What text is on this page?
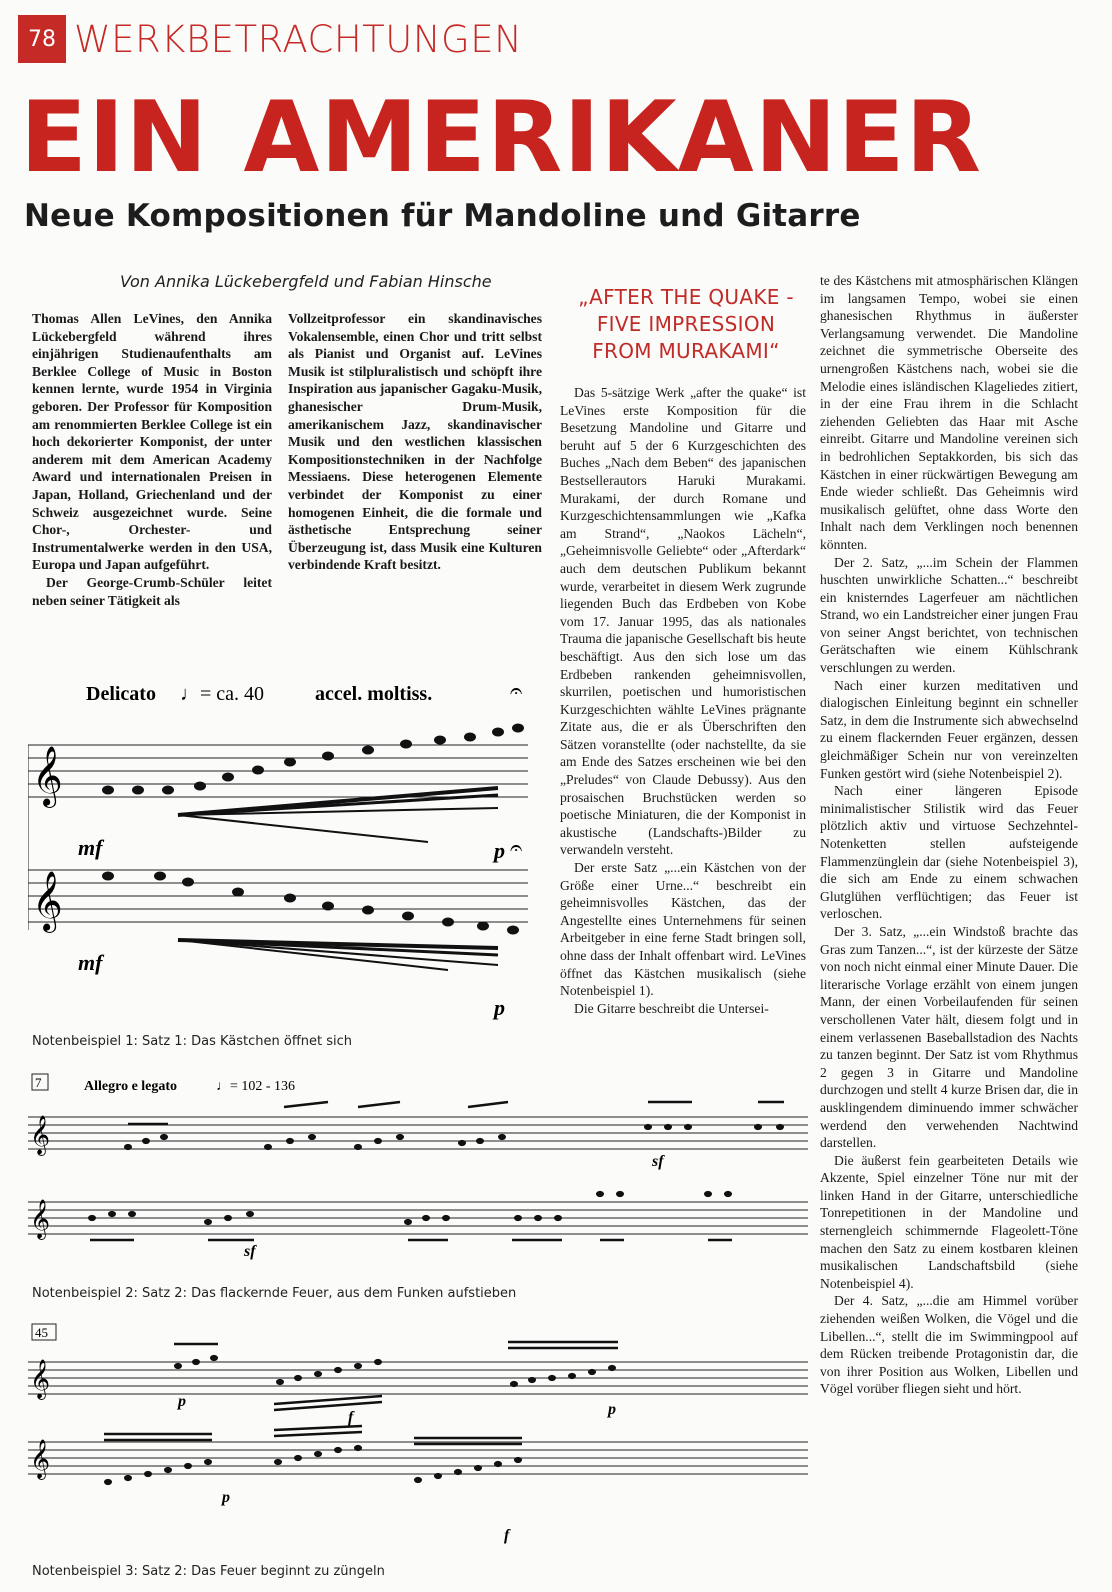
78 WERKBETRACHTUNGEN
EIN AMERIKANER
Neue Kompositionen für Mandoline und Gitarre
Von Annika Lückebergfeld und Fabian Hinsche

Thomas Allen LeVines, den Annika Lückebergfeld während ihres einjährigen Studienaufenthalts am Berklee College of Music in Boston kennen lernte, wurde 1954 in Virginia geboren. Der Professor für Komposition am renommierten Berklee College ist ein hoch dekorierter Komponist, der unter anderem mit dem American Academy Award und internationalen Preisen in Japan, Holland, Griechenland und der Schweiz ausgezeichnet wurde. Seine Chor-, Orchester- und Instrumentalwerke werden in den USA, Europa und Japan aufgeführt.

Der George-Crumb-Schüler leitet neben seiner Tätigkeit als

Vollzeitprofessor ein skandinavisches Vokalensemble, einen Chor und tritt selbst als Pianist und Organist auf. LeVines Musik ist stilpluralistisch und schöpft ihre Inspiration aus japanischer Gagaku-Musik, ghanesischer Drum-Musik, amerikanischem Jazz, skandinavischer Musik und den westlichen klassischen Kompositionstechniken in der Nachfolge Messiaens. Diese heterogenen Elemente verbindet der Komponist zu einer homogenen Einheit, die die formale und ästhetische Entsprechung seiner Überzeugung ist, dass Musik eine Kulturen verbindende Kraft besitzt.

„AFTER THE QUAKE - FIVE IMPRESSION FROM MURAKAMI“

Das 5-sätzige Werk „after the quake“ ist LeVines erste Komposition für die Besetzung Mandoline und Gitarre und beruht auf 5 der 6 Kurzgeschichten des Buches „Nach dem Beben“ des japanischen Bestsellerautors Haruki Murakami. Murakami, der durch Romane und Kurzgeschichtensammlungen wie „Kafka am Strand“, „Naokos Lächeln“, „Geheimnisvolle Geliebte“ oder „Afterdark“ auch dem deutschen Publikum bekannt wurde, verarbeitet in diesem Werk zugrunde liegenden Buch das Erdbeben von Kobe vom 17. Januar 1995, das als nationales Trauma die japanische Gesellschaft bis heute beschäftigt. Aus den sich lose um das Erdbeben rankenden geheimnisvollen, skurrilen, poetischen und humoristischen Kurzgeschichten wählte LeVines prägnante Zitate aus, die er als Überschriften den Sätzen voranstellte (oder nachstellte, da sie am Ende des Satzes erscheinen wie bei den „Preludes“ von Claude Debussy). Aus den prosaischen Bruchstücken werden so poetische Miniaturen, die der Komponist in akustische (Landschafts-)Bilder zu verwandeln versteht.

Der erste Satz „...ein Kästchen von der Größe einer Urne...“ beschreibt ein geheimnisvolles Kästchen, das der Angestellte eines Unternehmens für seinen Arbeitgeber in eine ferne Stadt bringen soll, ohne dass der Inhalt offenbart wird. LeVines öffnet das Kästchen musikalisch (siehe Notenbeispiel 1).

Die Gitarre beschreibt die Untersei-

te des Kästchens mit atmosphärischen Klängen im langsamen Tempo, wobei sie einen ghanesischen Rhythmus in äußerster Verlangsamung verwendet. Die Mandoline zeichnet die symmetrische Oberseite des urnengroßen Kästchens nach, wobei sie die Melodie eines isländischen Klageliedes zitiert, in der eine Frau ihrem in die Schlacht ziehenden Geliebten das Haar mit Asche einreibt. Gitarre und Mandoline vereinen sich in bedrohlichen Septakkorden, bis sich das Kästchen in einer rückwärtigen Bewegung am Ende wieder schließt. Das Geheimnis wird musikalisch gelüftet, ohne dass Worte den Inhalt nach dem Verklingen noch benennen könnten.

Der 2. Satz, „...im Schein der Flammen huschten unwirkliche Schatten...“ beschreibt ein knisterndes Lagerfeuer am nächtlichen Strand, wo ein Landstreicher einer jungen Frau von seiner Angst berichtet, von technischen Gerätschaften wie einem Kühlschrank verschlungen zu werden.

Nach einer kurzen meditativen und dialogischen Einleitung beginnt ein schneller Satz, in dem die Instrumente sich abwechselnd zu einem flackernden Feuer ergänzen, dessen gleichmäßiger Schein nur von vereinzelten Funken gestört wird (siehe Notenbeispiel 2).

Nach einer längeren Episode minimalistischer Stilistik wird das Feuer plötzlich aktiv und virtuose Sechzehntel-Notenketten stellen aufsteigende Flammenzünglein dar (siehe Notenbeispiel 3), die sich am Ende zu einem schwachen Glutglühen verflüchtigen; das Feuer ist verloschen.

Der 3. Satz, „...ein Windstoß brachte das Gras zum Tanzen...“, ist der kürzeste der Sätze von noch nicht einmal einer Minute Dauer. Die literarische Vorlage erzählt von einem jungen Mann, der einen Vorbeilaufenden für seinen verschollenen Vater hält, diesem folgt und in einem verlassenen Baseballstadion des Nachts zu tanzen beginnt. Der Satz ist vom Rhythmus 2 gegen 3 in Gitarre und Mandoline durchzogen und stellt 4 kurze Brisen dar, die in ausklingendem diminuendo immer schwächer werdend den verwehenden Nachtwind darstellen.

Die äußerst fein gearbeiteten Details wie Akzente, Spiel einzelner Töne nur mit der linken Hand in der Gitarre, unterschiedliche Tonrepetitionen in der Mandoline und sternengleich schimmernde Flageolett-Töne machen den Satz zu einem kostbaren kleinen musikalischen Landschaftsbild (siehe Notenbeispiel 4).

Der 4. Satz, „...die am Himmel vorüber ziehenden weißen Wolken, die Vögel und die Libellen...“, stellt die im Swimmingpool auf dem Rücken treibende Protagonistin dar, die von ihrer Position aus Wolken, Libellen und Vögel vorüber fliegen sieht und hört.

Delicato ♩= ca. 40	accel. moltiss.	𝄐
𝄞
mf	p 𝄐
𝄞
mf
p
Notenbeispiel 1: Satz 1: Das Kästchen öffnet sich
7	Allegro e legato	♩= 102 - 136
𝄞
sf
𝄞
sf
Notenbeispiel 2: Satz 2: Das flackernde Feuer, aus dem Funken aufstieben
45
𝄞
p
f	p
𝄞
p
f
Notenbeispiel 3: Satz 2: Das Feuer beginnt zu züngeln
